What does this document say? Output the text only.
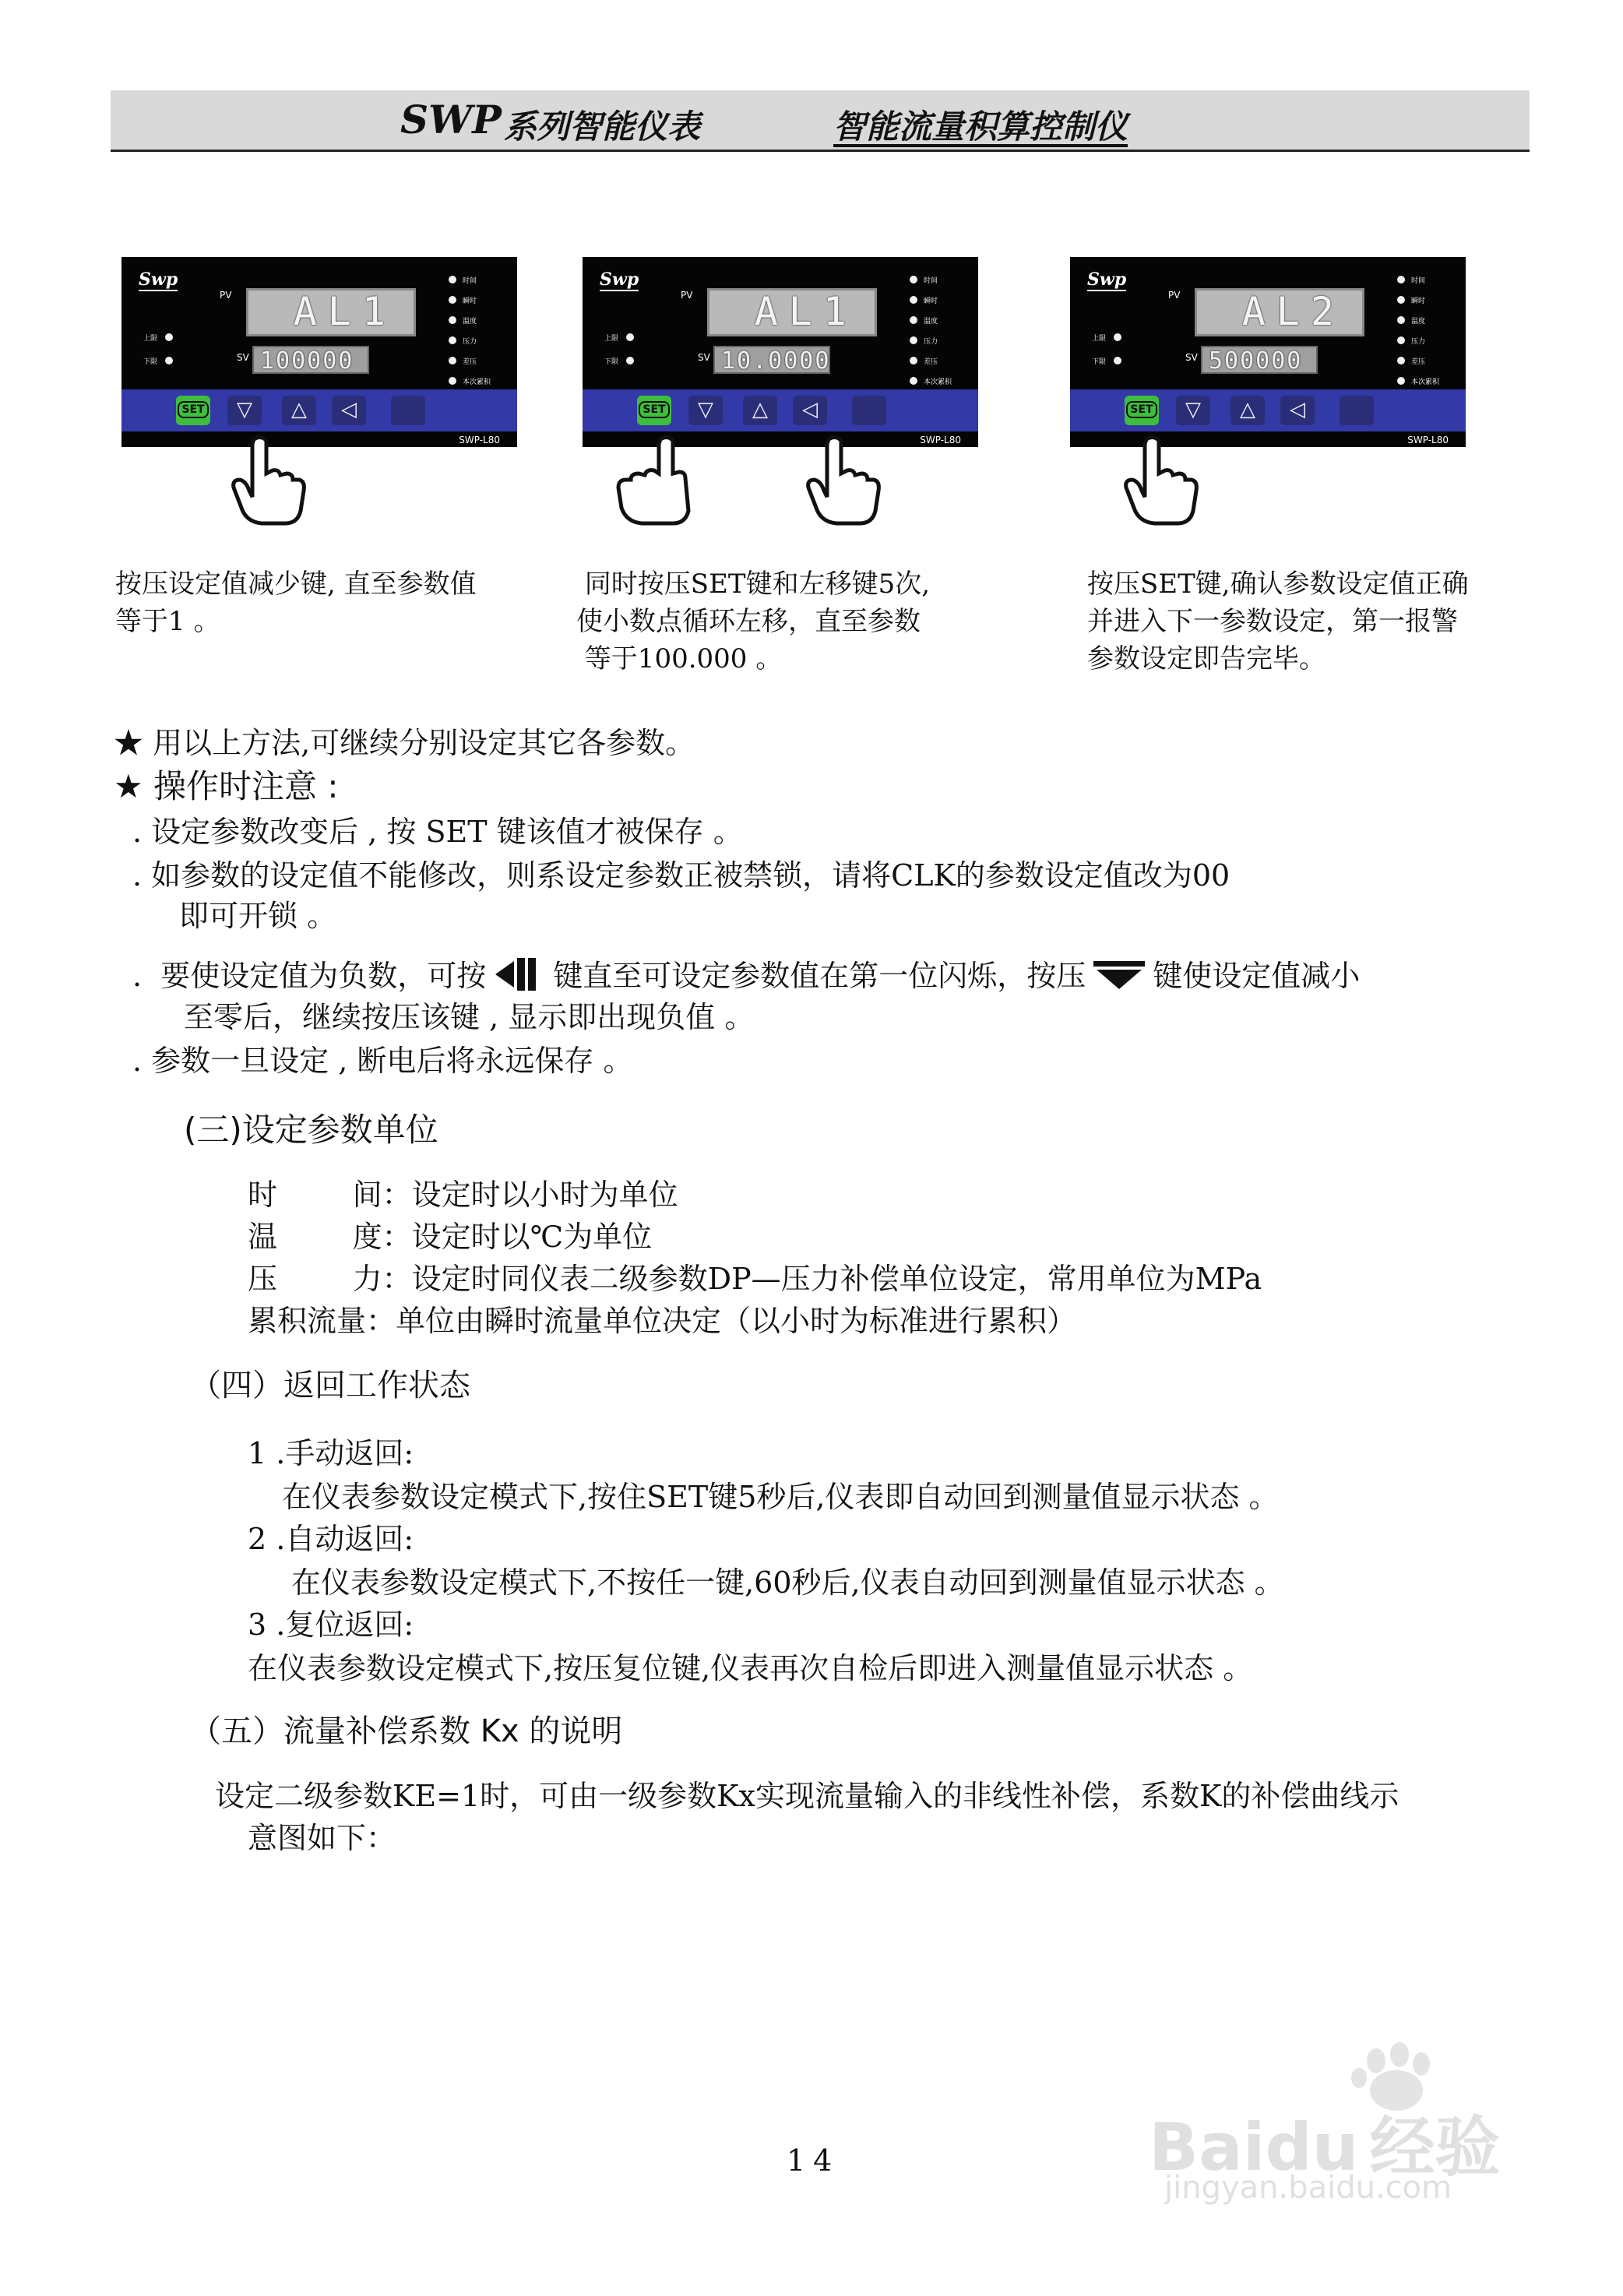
SWP 系列智能仪表	智能流量积算控制仪
Swp
PV AL1
SV 100000
上限
下限
时间
瞬时
温度
压力
差压
本次累积
SET	▽	△	◁
SWP-L80
Swp
PV AL1
SV 10.0000
上限
下限
时间
瞬时
温度
压力
差压
本次累积
SET	▽	△	◁
SWP-L80
Swp
PV AL2
SV 500000
上限
下限
时间
瞬时
温度
压力
差压
本次累积
SET	▽	△	◁
SWP-L80
按压设定值减少键, 直至参数值
等于1 。
同时按压SET键和左移键5次,
使小数点循环左移，直至参数
等于100.000 。
按压SET键,确认参数设定值正确
并进入下一参数设定，第一报警
参数设定即告完毕。
★ 用以上方法,可继续分别设定其它各参数。
★ 操作时注意 :
. 设定参数改变后 , 按 SET 键该值才被保存 。
. 如参数的设定值不能修改，则系设定参数正被禁锁，请将CLK的参数设定值改为00
即可开锁 。
.  要使设定值为负数，可按 键直至可设定参数值在第一位闪烁，按压 键使设定值减小
至零后，继续按压该键 , 显示即出现负值 。
. 参数一旦设定 , 断电后将永远保存 。
(三)设定参数单位
时        间：设定时以小时为单位
温        度：设定时以℃为单位
压        力：设定时同仪表二级参数DP—压力补偿单位设定，常用单位为MPa
累积流量：单位由瞬时流量单位决定（以小时为标准进行累积）
（四）返回工作状态
1 .手动返回:
在仪表参数设定模式下,按住SET键5秒后,仪表即自动回到测量值显示状态 。
2 .自动返回:
在仪表参数设定模式下,不按任一键,60秒后,仪表自动回到测量值显示状态 。
3 .复位返回:
在仪表参数设定模式下,按压复位键,仪表再次自检后即进入测量值显示状态 。
（五）流量补偿系数 Kx 的说明
设定二级参数KE=1时，可由一级参数Kx实现流量输入的非线性补偿，系数K的补偿曲线示
意图如下：
14	Baidu 经验
jingyan.baidu.com
